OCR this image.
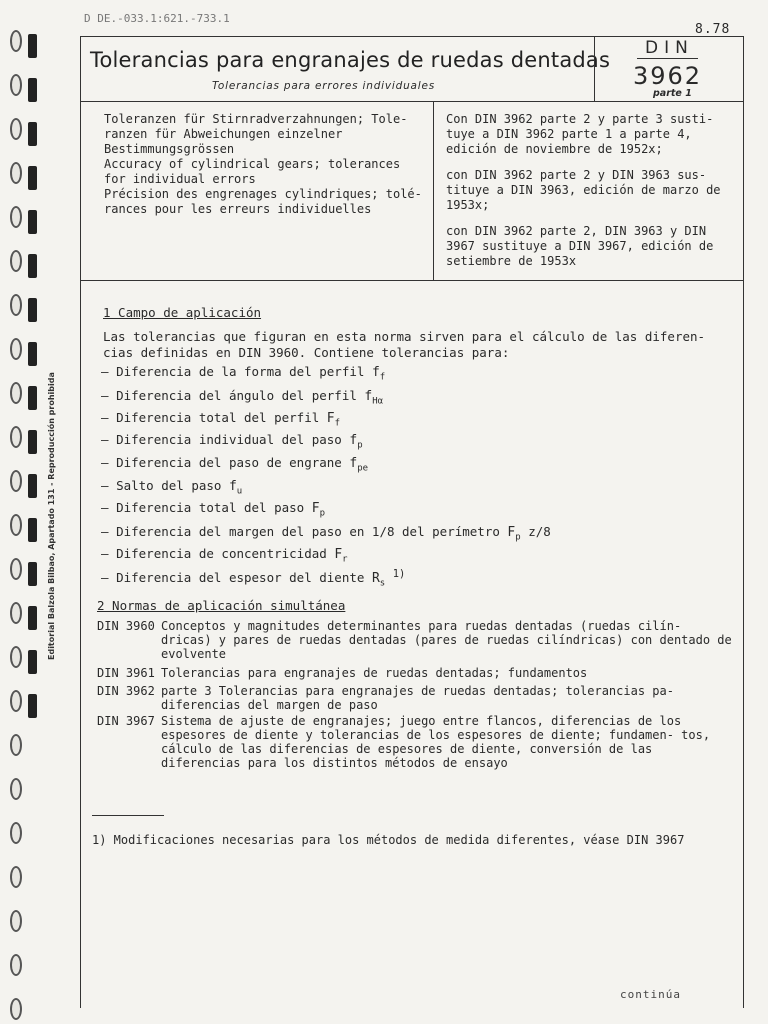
Editorial Balzola Bilbao, Apartado 131 - Reproducción prohibida
D DE.-033.1:621.-733.1
8.78
Tolerancias para engranajes de ruedas dentadas
Tolerancias para errores individuales
DIN
3962
parte 1

Toleranzen für Stirnradverzahnungen; Tole- ranzen für Abweichungen einzelner Bestimmungsgrössen

Accuracy of cylindrical gears; tolerances for individual errors

Précision des engrenages cylindriques; tolé- rances pour les erreurs individuelles

Con DIN 3962 parte 2 y parte 3 susti- tuye a DIN 3962 parte 1 a parte 4, edición de noviembre de 1952x;

con DIN 3962 parte 2 y DIN 3963 sus- tituye a DIN 3963, edición de marzo de 1953x;

con DIN 3962 parte 2, DIN 3963 y DIN 3967 sustituye a DIN 3967, edición de setiembre de 1953x

1 Campo de aplicación
Las tolerancias que figuran en esta norma sirven para el cálculo de las diferen- cias definidas en DIN 3960. Contiene tolerancias para:
– Diferencia de la forma del perfil $f_f$
– Diferencia del ángulo del perfil $f_{H\alpha}$
– Diferencia total del perfil $F_f$
– Diferencia individual del paso $f_p$
– Diferencia del paso de engrane $f_{pe}$
– Salto del paso $f_u$
– Diferencia total del paso $F_p$
– Diferencia del margen del paso en 1/8 del perímetro $F_p$ z/8
– Diferencia de concentricidad $F_r$
– Diferencia del espesor del diente $R_s$ $^{1)}$
2 Normas de aplicación simultánea
DIN 3960 Conceptos y magnitudes determinantes para ruedas dentadas (ruedas cilín- dricas) y pares de ruedas dentadas (pares de ruedas cilíndricas) con dentado de evolvente
DIN 3961 Tolerancias para engranajes de ruedas dentadas; fundamentos
DIN 3962 parte 3 Tolerancias para engranajes de ruedas dentadas; tolerancias pa- diferencias del margen de paso
DIN 3967 Sistema de ajuste de engranajes; juego entre flancos, diferencias de los espesores de diente y tolerancias de los espesores de diente; fundamen- tos, cálculo de las diferencias de espesores de diente, conversión de las diferencias para los distintos métodos de ensayo
1) Modificaciones necesarias para los métodos de medida diferentes, véase DIN 3967
continúa
